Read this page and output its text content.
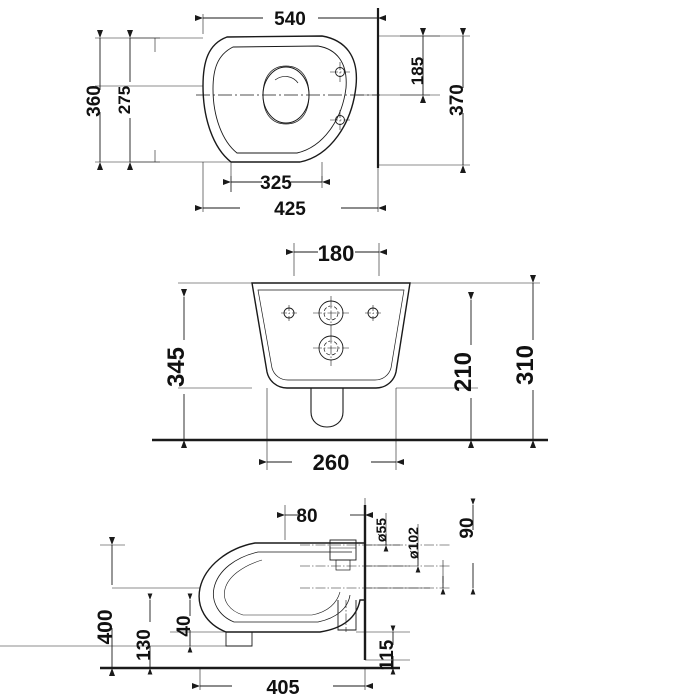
540
360 275
185
370
325
425
180
345	210 310
260
80
ø55 ø102 90
400
130
40
115
405
